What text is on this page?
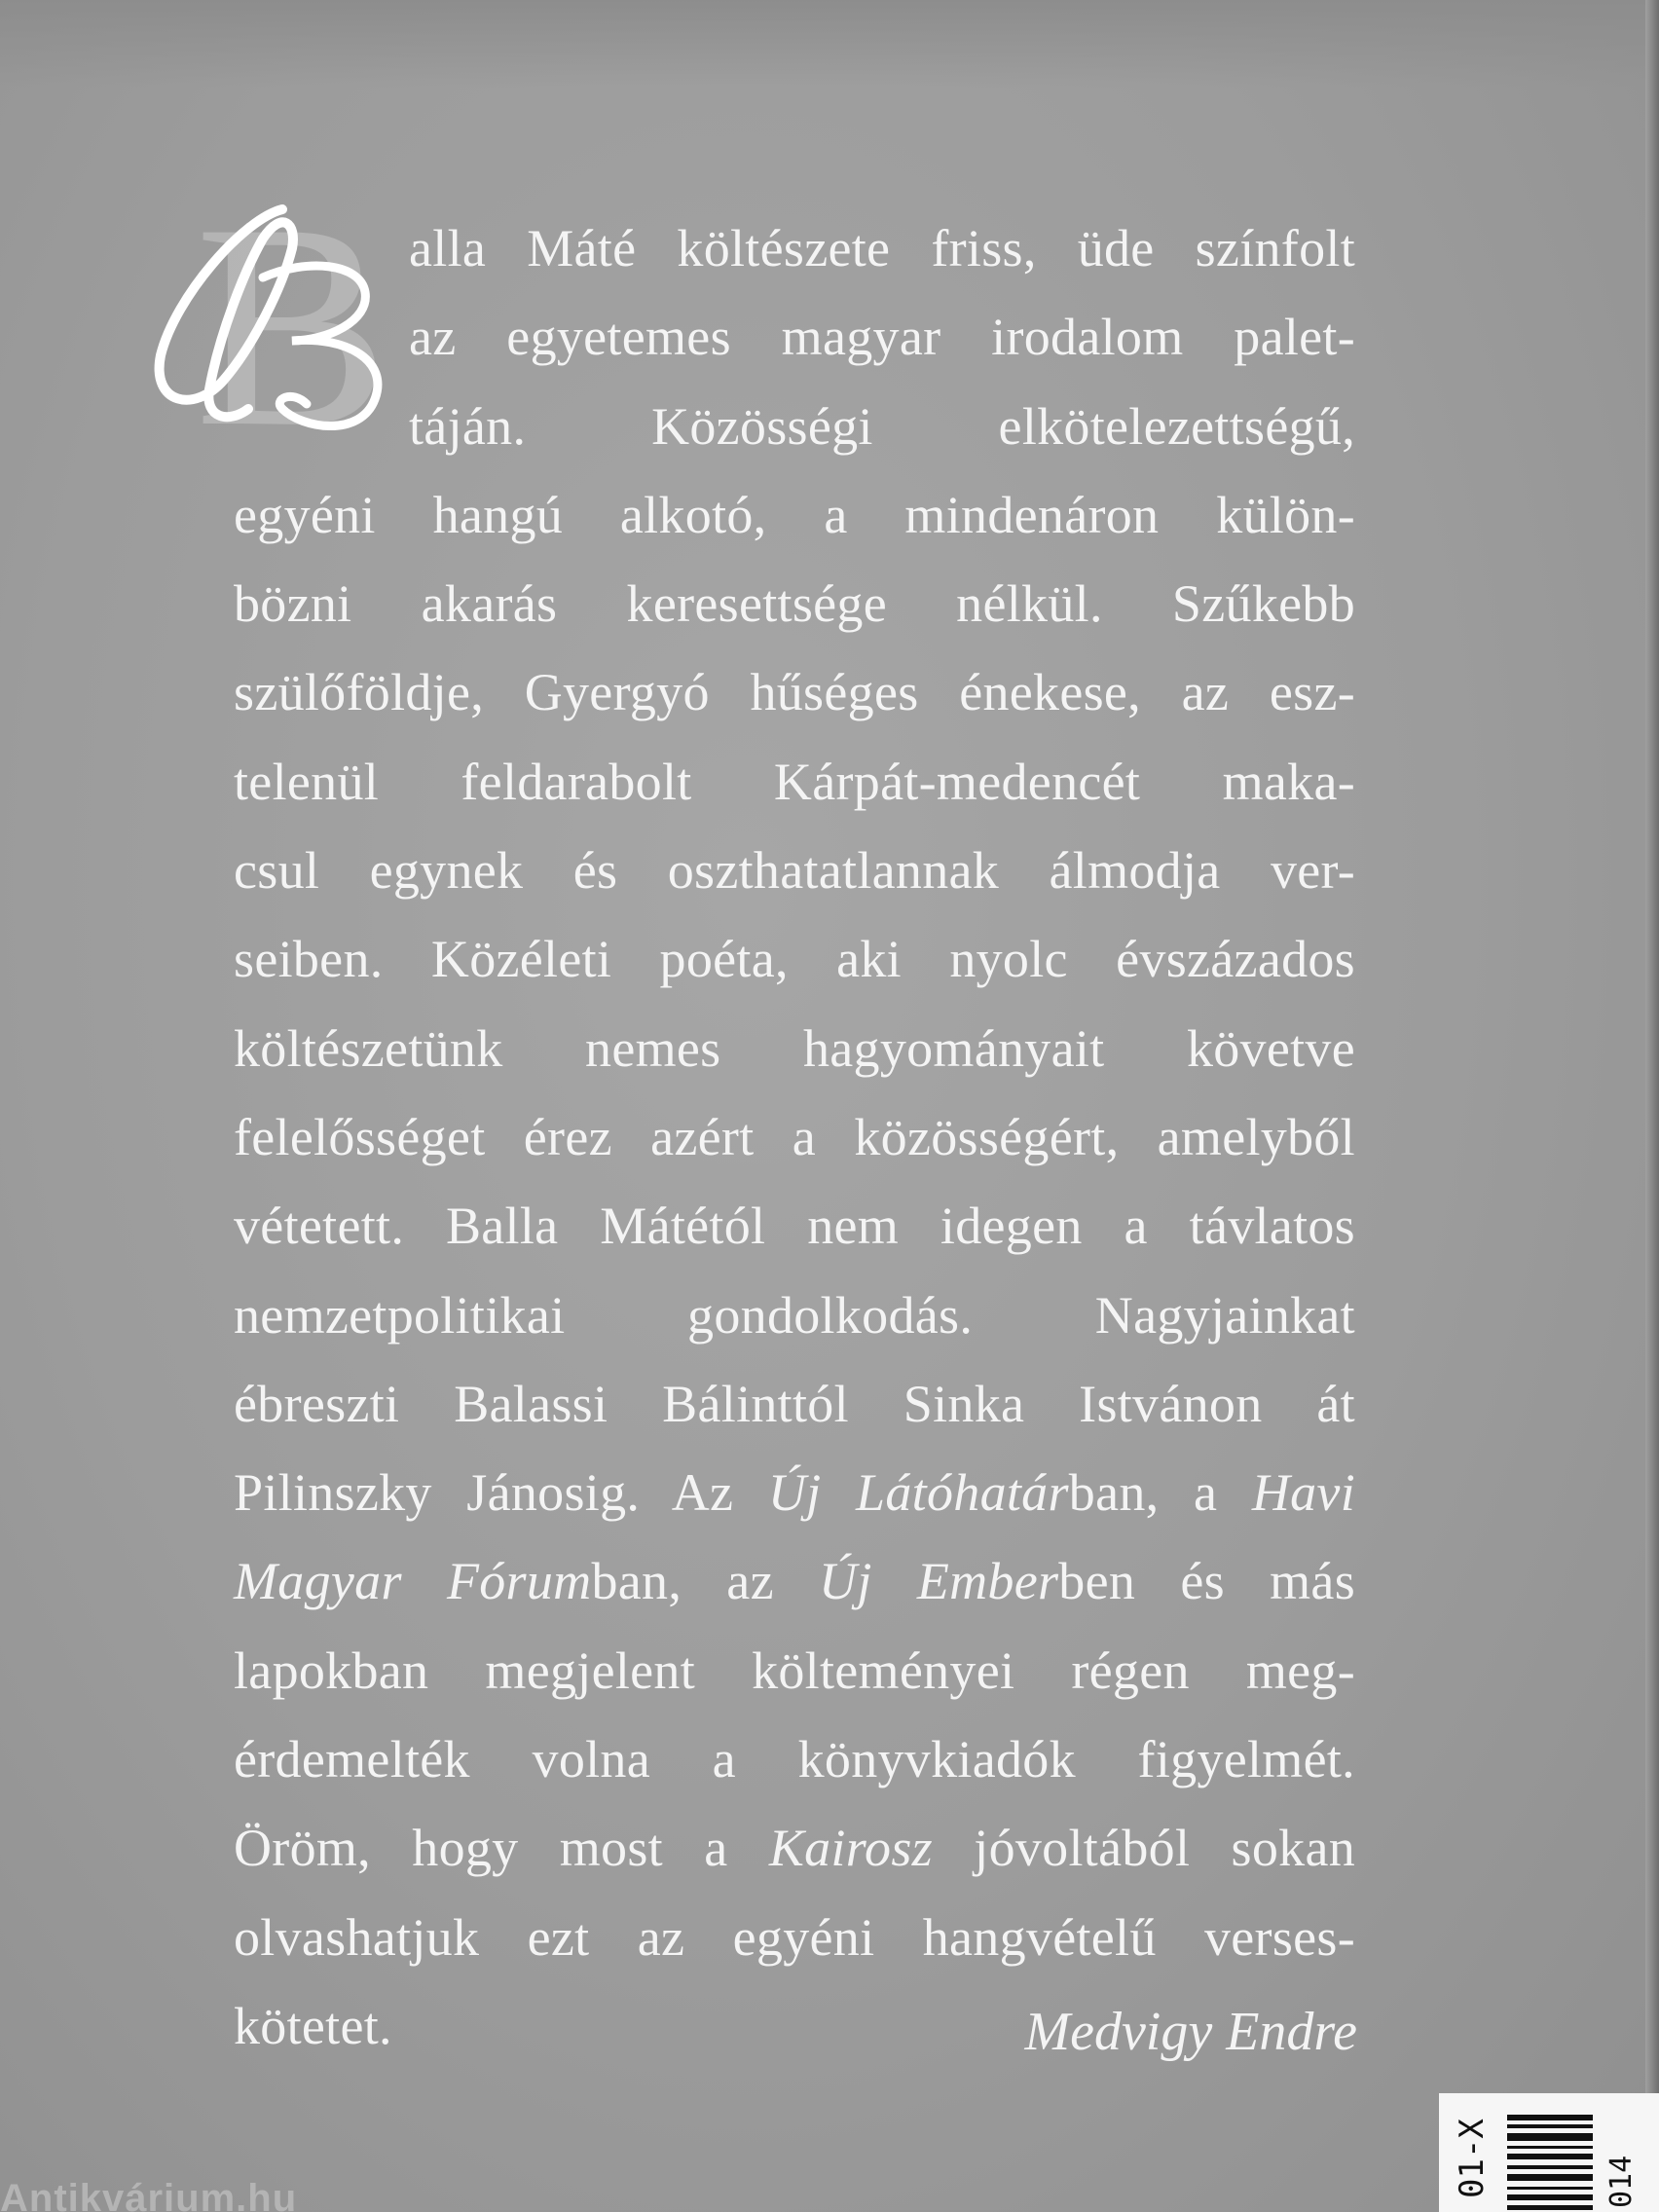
B alla Máté költészete friss, üde színfolt
az egyetemes magyar irodalom palet-
táján. Közösségi elkötelezettségű,
egyéni hangú alkotó, a mindenáron külön-
bözni akarás keresettsége nélkül. Szűkebb
szülőföldje, Gyergyó hűséges énekese, az esz-
telenül feldarabolt Kárpát-medencét maka-
csul egynek és oszthatatlannak álmodja ver-
seiben. Közéleti poéta, aki nyolc évszázados
költészetünk nemes hagyományait követve
felelősséget érez azért a közösségért, amelyből
vétetett. Balla Mátétól nem idegen a távlatos
nemzetpolitikai gondolkodás. Nagyjainkat
ébreszti Balassi Bálinttól Sinka Istvánon át
Pilinszky Jánosig. Az Új Látóhatárban, a Havi
Magyar Fórumban, az Új Emberben és más
lapokban megjelent költeményei régen meg-
érdemelték volna a könyvkiadók figyelmét.
Öröm, hogy most a Kairosz jóvoltából sokan
olvashatjuk ezt az egyéni hangvételű verses-
kötetet.	Medvigy Endre
01-X	014
Antikvárium.hu
